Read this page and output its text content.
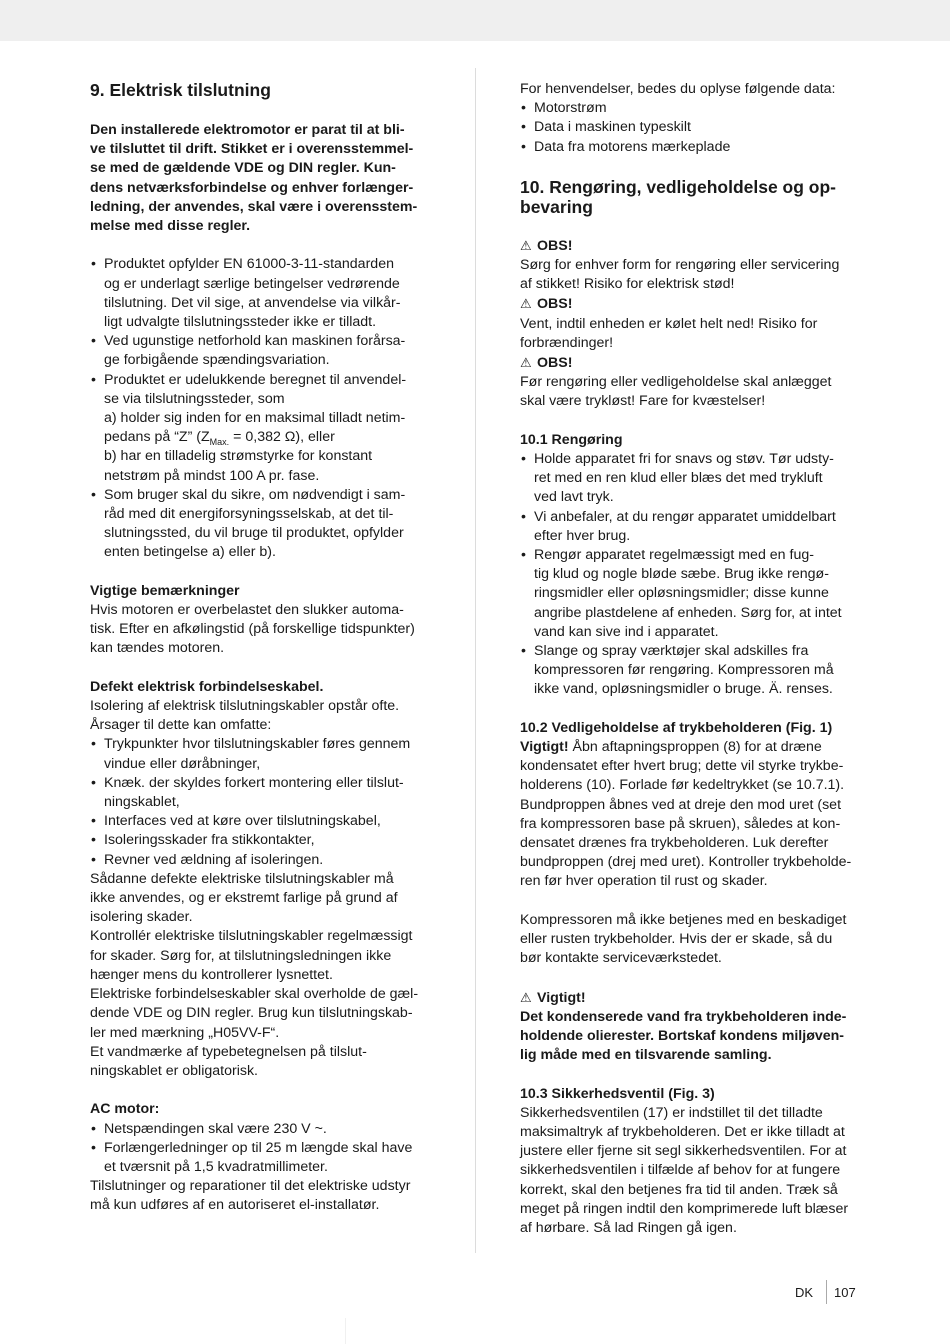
9. Elektrisk tilslutning
Den installerede elektromotor er parat til at bli-
ve tilsluttet til drift. Stikket er i overensstemmel-
se med de gældende VDE og DIN regler. Kun-
dens netværksforbindelse og enhver forlænger-
ledning, der anvendes, skal være i overensstem-
melse med disse regler.
• Produktet opfylder EN 61000-3-11-standarden
og er underlagt særlige betingelser vedrørende
tilslutning. Det vil sige, at anvendelse via vilkår-
ligt udvalgte tilslutningssteder ikke er tilladt.
• Ved ugunstige netforhold kan maskinen forårsa-
ge forbigående spændingsvariation.
• Produktet er udelukkende beregnet til anvendel-
se via tilslutningssteder, som
a) holder sig inden for en maksimal tilladt netim-
pedans på “Z” ($Z_{Max.} = 0,382$ Ω), eller
b) har en tilladelig strømstyrke for konstant
netstrøm på mindst 100 A pr. fase.
• Som bruger skal du sikre, om nødvendigt i sam-
råd med dit energiforsyningsselskab, at det til-
slutningssted, du vil bruge til produktet, opfylder
enten betingelse a) eller b).
Vigtige bemærkninger
Hvis motoren er overbelastet den slukker automa-
tisk. Efter en afkølingstid (på forskellige tidspunkter)
kan tændes motoren.
Defekt elektrisk forbindelseskabel.
Isolering af elektrisk tilslutningskabler opstår ofte.
Årsager til dette kan omfatte:
• Trykpunkter hvor tilslutningskabler føres gennem
vindue eller døråbninger,
• Knæk. der skyldes forkert montering eller tilslut-
ningskablet,
• Interfaces ved at køre over tilslutningskabel,
• Isoleringsskader fra stikkontakter,
• Revner ved ældning af isoleringen.
Sådanne defekte elektriske tilslutningskabler må
ikke anvendes, og er ekstremt farlige på grund af
isolering skader.
Kontrollér elektriske tilslutningskabler regelmæssigt
for skader. Sørg for, at tilslutningsledningen ikke
hænger mens du kontrollerer lysnettet.
Elektriske forbindelseskabler skal overholde de gæl-
dende VDE og DIN regler. Brug kun tilslutningskab-
ler med mærkning „H05VV-F“.
Et vandmærke af typebetegnelsen på tilslut-
ningskablet er obligatorisk.
AC motor:
• Netspændingen skal være 230 V ~.
• Forlængerledninger op til 25 m længde skal have
et tværsnit på 1,5 kvadratmillimeter.
Tilslutninger og reparationer til det elektriske udstyr
må kun udføres af en autoriseret el-installatør.
For henvendelser, bedes du oplyse følgende data:
• Motorstrøm
• Data i maskinen typeskilt
• Data fra motorens mærkeplade
10. Rengøring, vedligeholdelse og op-
bevaring
⚠ OBS!
Sørg for enhver form for rengøring eller servicering
af stikket! Risiko for elektrisk stød!
⚠ OBS!
Vent, indtil enheden er kølet helt ned! Risiko for
forbrændinger!
⚠ OBS!
Før rengøring eller vedligeholdelse skal anlægget
skal være trykløst! Fare for kvæstelser!
10.1 Rengøring
• Holde apparatet fri for snavs og støv. Tør udsty-
ret med en ren klud eller blæs det med trykluft
ved lavt tryk.
• Vi anbefaler, at du rengør apparatet umiddelbart
efter hver brug.
• Rengør apparatet regelmæssigt med en fug-
tig klud og nogle bløde sæbe. Brug ikke rengø-
ringsmidler eller opløsningsmidler; disse kunne
angribe plastdelene af enheden. Sørg for, at intet
vand kan sive ind i apparatet.
• Slange og spray værktøjer skal adskilles fra
kompressoren før rengøring. Kompressoren må
ikke vand, opløsningsmidler o bruge. Ä. renses.
10.2 Vedligeholdelse af trykbeholderen (Fig. 1)
Vigtigt! Åbn aftapningsproppen (8) for at dræne
kondensatet efter hvert brug; dette vil styrke trykbe-
holderens (10). Forlade før kedeltrykket (se 10.7.1).
Bundproppen åbnes ved at dreje den mod uret (set
fra kompressoren base på skruen), således at kon-
densatet drænes fra trykbeholderen. Luk derefter
bundproppen (drej med uret). Kontroller trykbeholde-
ren før hver operation til rust og skader.
Kompressoren må ikke betjenes med en beskadiget
eller rusten trykbeholder. Hvis der er skade, så du
bør kontakte serviceværkstedet.
⚠ Vigtigt!
Det kondenserede vand fra trykbeholderen inde-
holdende olierester. Bortskaf kondens miljøven-
lig måde med en tilsvarende samling.
10.3 Sikkerhedsventil (Fig. 3)
Sikkerhedsventilen (17) er indstillet til det tilladte
maksimaltryk af trykbeholderen. Det er ikke tilladt at
justere eller fjerne sit segl sikkerhedsventilen. For at
sikkerhedsventilen i tilfælde af behov for at fungere
korrekt, skal den betjenes fra tid til anden. Træk så
meget på ringen indtil den komprimerede luft blæser
af hørbare. Så lad Ringen gå igen.
DK 107
